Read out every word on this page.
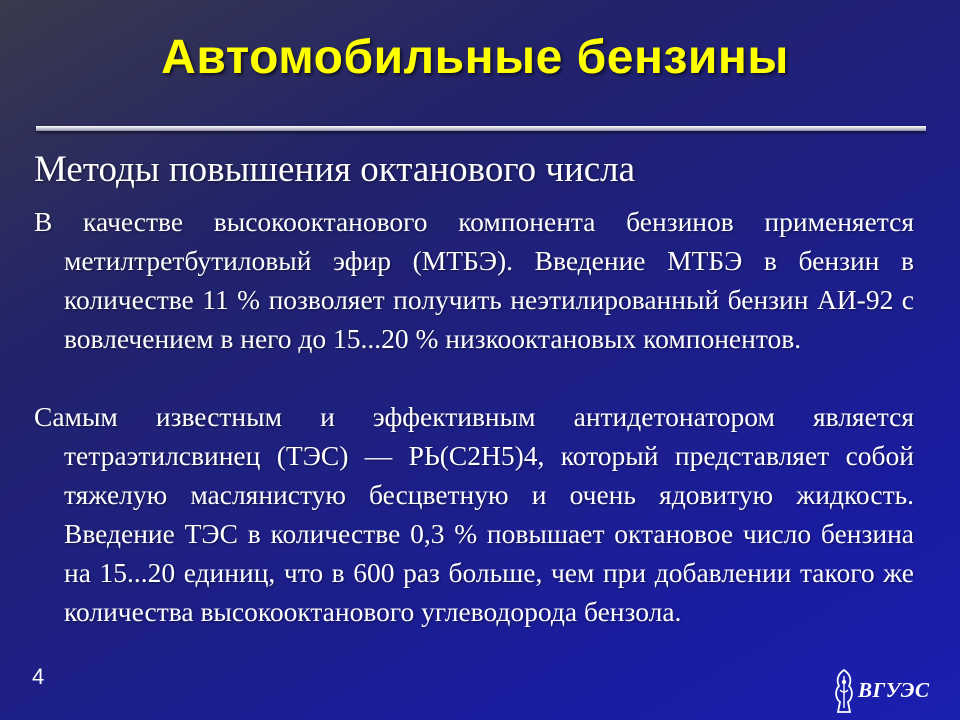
Автомобильные бензины
Методы повышения октанового числа
В качестве высокооктанового компонента бензинов применяется метилтретбутиловый эфир (МТБЭ). Введение МТБЭ в бензин в количестве 11 % позволяет получить неэтилированный бензин АИ-92 с вовлечением в него до 15...20 % низкооктановых компонентов.
Самым известным и эффективным антидетонатором является тетраэтилсвинец (ТЭС) — РЬ(С2Н5)4, который представляет собой тяжелую маслянистую бесцветную и очень ядовитую жидкость. Введение ТЭС в количестве 0,3 % повышает октановое число бензина на 15...20 единиц, что в 600 раз больше, чем при добавлении такого же количества высокооктанового углеводорода бензола.
4
ВГУЭС
